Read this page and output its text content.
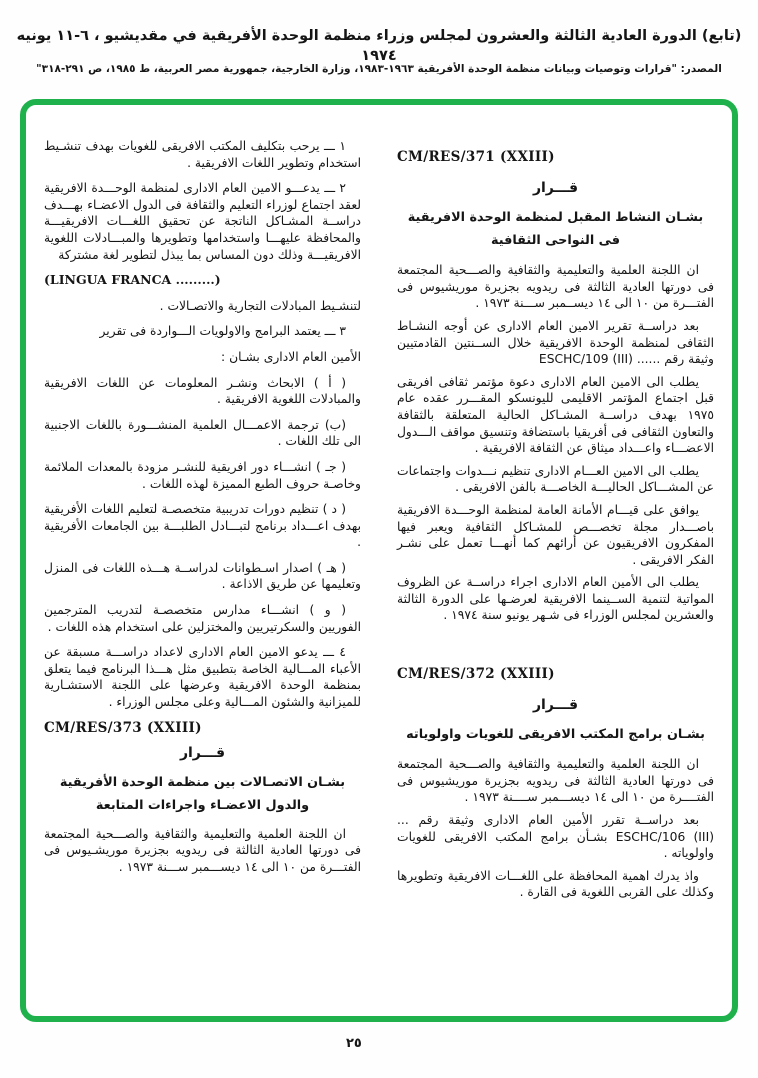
(تابع) الدورة العادية الثالثة والعشرون لمجلس وزراء منظمة الوحدة الأفريقية في مقديشيو ، ٦-١١ يونيه ١٩٧٤
المصدر: "قرارات وتوصيات وبيانات منظمة الوحدة الأفريقية ١٩٦٣-١٩٨٣، وزارة الخارجية، جمهورية مصر العربية، ط ١٩٨٥، ص ٢٩١-٣١٨"
CM/RES/371 (XXIII)
قـــرار
بشـان النشاط المقبل لمنظمة الوحدة الافريقية فى النواحى الثقافية
ان اللجنة العلمية والتعليمية والثقافية والصـــحية المجتمعة فى دورتها العادية الثالثة فى ريدويه بجزيرة موريشيوس فى الفتـــرة من ١٠ الى ١٤ ديســمبر ســـنة ١٩٧٣ .
بعد دراســة تقرير الامين العام الادارى عن أوجه النشـاط الثقافى لمنظمة الوحدة الافريقية خلال الســنتين القادمتيين وثيقة رقم ...... ESCHC/109 (III)
يطلب الى الامين العام الادارى دعوة مؤتمر ثقافى افريقى قبل اجتماع المؤتمر الاقليمى لليونسكو المقـــرر عقده عام ١٩٧٥ بهدف دراســة المشـاكل الحالية المتعلقة بالثقافة والتعاون الثقافى فى أفريقيا باستضافة وتنسيق مواقف الـــدول الاعضـــاء واعـــداد ميثاق عن الثقافة الافريقية .
يطلب الى الامين العـــام الادارى تنظيم نـــدوات واجتماعات عن المشـــاكل الحاليـــة الخاصـــة بالفن الافريقى .
يوافق على قيـــام الأمانة العامة لمنظمة الوحـــدة الافريقية باصـــدار مجلة تخصـــص للمشـاكل الثقافية ويعبر فيها المفكرون الافريقيون عن أرائهم كما أنهـــا تعمل على نشـر الفكر الافريقى .
يطلب الى الأمين العام الادارى اجراء دراســة عن الظروف المواتية لتنمية الســينما الافريقية لعرضـها على الدورة الثالثة والعشرين لمجلس الوزراء فى شـهر يونيو سنة ١٩٧٤ .
CM/RES/372 (XXIII)
قـــرار
بشـان برامج المكتب الافريقى للغويات واولوياته
ان اللجنة العلمية والتعليمية والثقافية والصـــحية المجتمعة فى دورتها العادية الثالثة فى ريدويه بجزيرة موريشيوس فى الفتــــرة من ١٠ الى ١٤ ديســـمبر ســــنة ١٩٧٣ .
بعد دراســة تقرر الأمين العام الادارى وثيقة رقم ... ESCHC/106 (III) بشـأن برامج المكتب الافريقى للغويات واولوياته .
واذ يدرك اهمية المحافظة على اللغـــات الافريقية وتطويرها وكذلك على القربى اللغوية فى القارة .
١ ـــ يرحب بتكليف المكتب الافريقى للغويات بهدف تنشـيط استخدام وتطوير اللغات الافريقية .
٢ ـــ يدعـــو الامين العام الادارى لمنظمة الوحـــدة الافريقية لعقد اجتماع لوزراء التعليم والثقافة فى الدول الاعضـاء بهـــدف دراســة المشـاكل الناتجة عن تحقيق اللغـــات الافريقيـــة والمحافظة عليهـــا واستخدامها وتطويرها والمبـــادلات اللغوية الافريقيـــة وذلك دون المساس بما يبذل لتطوير لغة مشتركة
(LINGUA FRANCA .........)
لتنشـيط المبادلات التجارية والاتصـالات .
٣ ـــ يعتمد البرامج والاولويات الـــواردة فى تقرير
الأمين العام الادارى بشـان :
( أ ) الابحاث ونشـر المعلومات عن اللغات الافريقية والمبادلات اللغوية الافريقية .
(ب) ترجمة الاعمـــال العلمية المنشـــورة باللغات الاجنبية الى تلك اللغات .
( جـ ) انشـــاء دور افريقية للنشـر مزودة بالمعدات الملائمة وخاصـة حروف الطبع المميزة لهذه اللغات .
( د ) تنظيم دورات تدريبية متخصصـة لتعليم اللغات الأفريقية بهدف اعـــداد برنامج لتبـــادل الطلبـــة بين الجامعات الأفريقية .
( هـ ) اصدار اسـطوانات لدراســة هـــذه اللغات فى المنزل وتعليمها عن طريق الاذاعة .
( و ) انشـــاء مدارس متخصصـة لتدريب المترجمين الفوريين والسكرتيريين والمختزلين على استخدام هذه اللغات .
٤ ـــ يدعو الامين العام الادارى لاعداد دراســـة مسبقة عن الأعباء المـــالية الخاصة بتطبيق مثل هـــذا البرنامج فيما يتعلق بمنظمة الوحدة الافريقية وعرضها على اللجنة الاستشـارية للميزانية والشئون المـــالية وعلى مجلس الوزراء .
CM/RES/373 (XXIII)
قـــرار
بشـان الاتصـالات بين منظمة الوحدة الأفريقية والدول الاعضـاء واجراءات المتابعة
ان اللجنة العلمية والتعليمية والثقافية والصـــحية المجتمعة فى دورتها العادية الثالثة فى ريدويه بجزيرة موريشـيوس فى الفتـــرة من ١٠ الى ١٤ ديســـمبر ســـنة ١٩٧٣ .
٢٥
